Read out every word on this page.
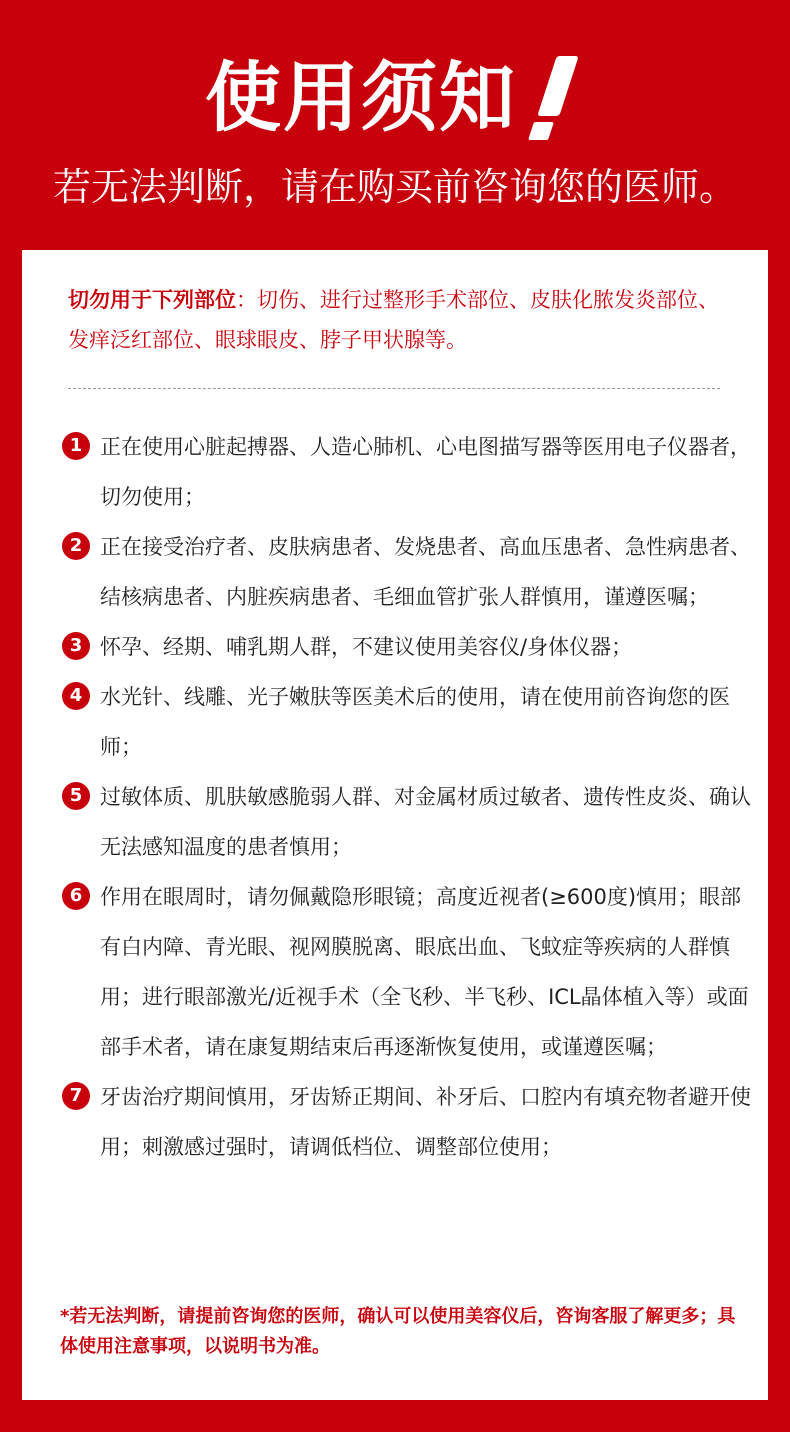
使用须知
若无法判断，请在购买前咨询您的医师。
切勿用于下列部位：切伤、进行过整形手术部位、皮肤化脓发炎部位、发痒泛红部位、眼球眼皮、脖子甲状腺等。
1 正在使用心脏起搏器、人造心肺机、心电图描写器等医用电子仪器者，切勿使用；
2 正在接受治疗者、皮肤病患者、发烧患者、高血压患者、急性病患者、结核病患者、内脏疾病患者、毛细血管扩张人群慎用，谨遵医嘱；
3 怀孕、经期、哺乳期人群，不建议使用美容仪/身体仪器；
4 水光针、线雕、光子嫩肤等医美术后的使用，请在使用前咨询您的医师；
5 过敏体质、肌肤敏感脆弱人群、对金属材质过敏者、遗传性皮炎、确认无法感知温度的患者慎用；
6 作用在眼周时，请勿佩戴隐形眼镜；高度近视者(≥600度)慎用；眼部有白内障、青光眼、视网膜脱离、眼底出血、飞蚊症等疾病的人群慎用；进行眼部激光/近视手术（全飞秒、半飞秒、ICL晶体植入等）或面部手术者，请在康复期结束后再逐渐恢复使用，或谨遵医嘱；
7 牙齿治疗期间慎用，牙齿矫正期间、补牙后、口腔内有填充物者避开使用；刺激感过强时，请调低档位、调整部位使用；
*若无法判断，请提前咨询您的医师，确认可以使用美容仪后，咨询客服了解更多；具体使用注意事项，以说明书为准。
